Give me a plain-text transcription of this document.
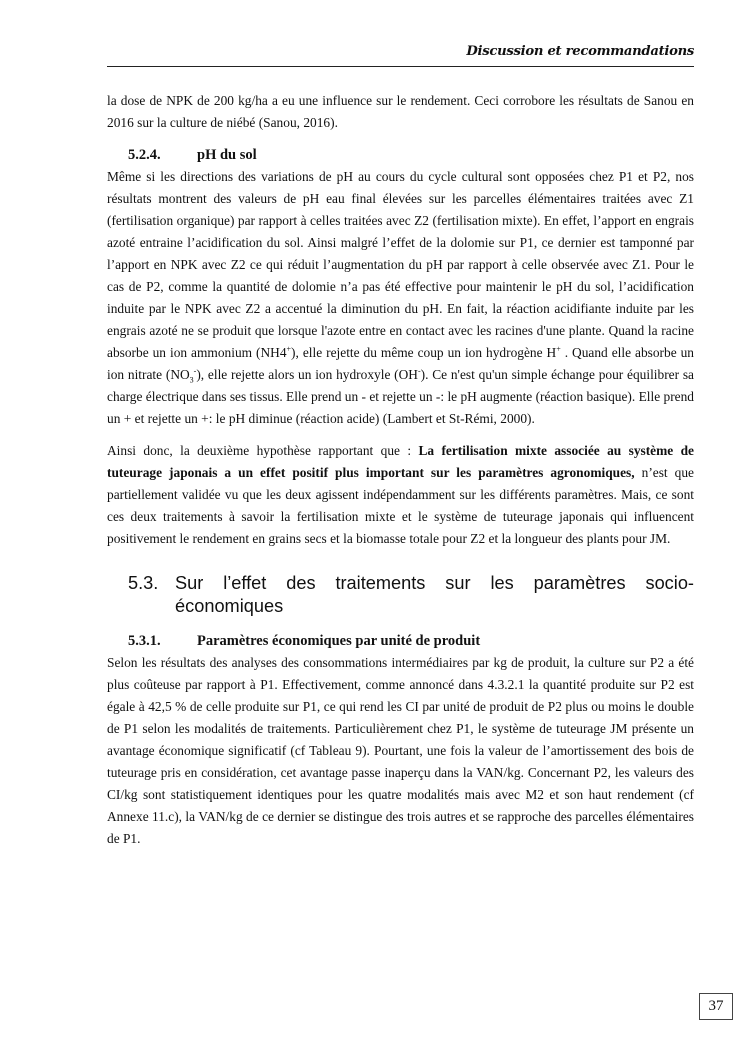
Discussion et recommandations

la dose de NPK de 200 kg/ha a eu une influence sur le rendement. Ceci corrobore les résultats de Sanou en 2016 sur la culture de niébé (Sanou, 2016).

5.2.4.	pH du sol

Même si les directions des variations de pH au cours du cycle cultural sont opposées chez P1 et P2, nos résultats montrent des valeurs de pH eau final élevées sur les parcelles élémentaires traitées avec Z1 (fertilisation organique) par rapport à celles traitées avec Z2 (fertilisation mixte). En effet, l’apport en engrais azoté entraine l’acidification du sol. Ainsi malgré l’effet de la dolomie sur P1, ce dernier est tamponné par l’apport en NPK avec Z2 ce qui réduit l’augmentation du pH par rapport à celle observée avec Z1. Pour le cas de P2, comme la quantité de dolomie n’a pas été effective pour maintenir le pH du sol, l’acidification induite par le NPK avec Z2 a accentué la diminution du pH. En fait, la réaction acidifiante induite par les engrais azoté ne se produit que lorsque l'azote entre en contact avec les racines d'une plante. Quand la racine absorbe un ion ammonium (NH4+), elle rejette du même coup un ion hydrogène H+ . Quand elle absorbe un ion nitrate $(NO_3^-)$, elle rejette alors un ion hydroxyle (OH-). Ce n'est qu'un simple échange pour équilibrer sa charge électrique dans ses tissus. Elle prend un - et rejette un -: le pH augmente (réaction basique). Elle prend un + et rejette un +: le pH diminue (réaction acide) (Lambert et St-Rémi, 2000).

Ainsi donc, la deuxième hypothèse rapportant que : La fertilisation mixte associée au système de tuteurage japonais a un effet positif plus important sur les paramètres agronomiques, n’est que partiellement validée vu que les deux agissent indépendamment sur les différents paramètres. Mais, ce sont ces deux traitements à savoir la fertilisation mixte et le système de tuteurage japonais qui influencent positivement le rendement en grains secs et la biomasse totale pour Z2 et la longueur des plants pour JM.

5.3. Sur l’effet des traitements sur les paramètres socio-économiques
5.3.1.	Paramètres économiques par unité de produit

Selon les résultats des analyses des consommations intermédiaires par kg de produit, la culture sur P2 a été plus coûteuse par rapport à P1. Effectivement, comme annoncé dans 4.3.2.1 la quantité produite sur P2 est égale à 42,5 % de celle produite sur P1, ce qui rend les CI par unité de produit de P2 plus ou moins le double de P1 selon les modalités de traitements. Particulièrement chez P1, le système de tuteurage JM présente un avantage économique significatif (cf Tableau 9). Pourtant, une fois la valeur de l’amortissement des bois de tuteurage pris en considération, cet avantage passe inaperçu dans la VAN/kg. Concernant P2, les valeurs des CI/kg sont statistiquement identiques pour les quatre modalités mais avec M2 et son haut rendement (cf Annexe 11.c), la VAN/kg de ce dernier se distingue des trois autres et se rapproche des parcelles élémentaires de P1.

37
